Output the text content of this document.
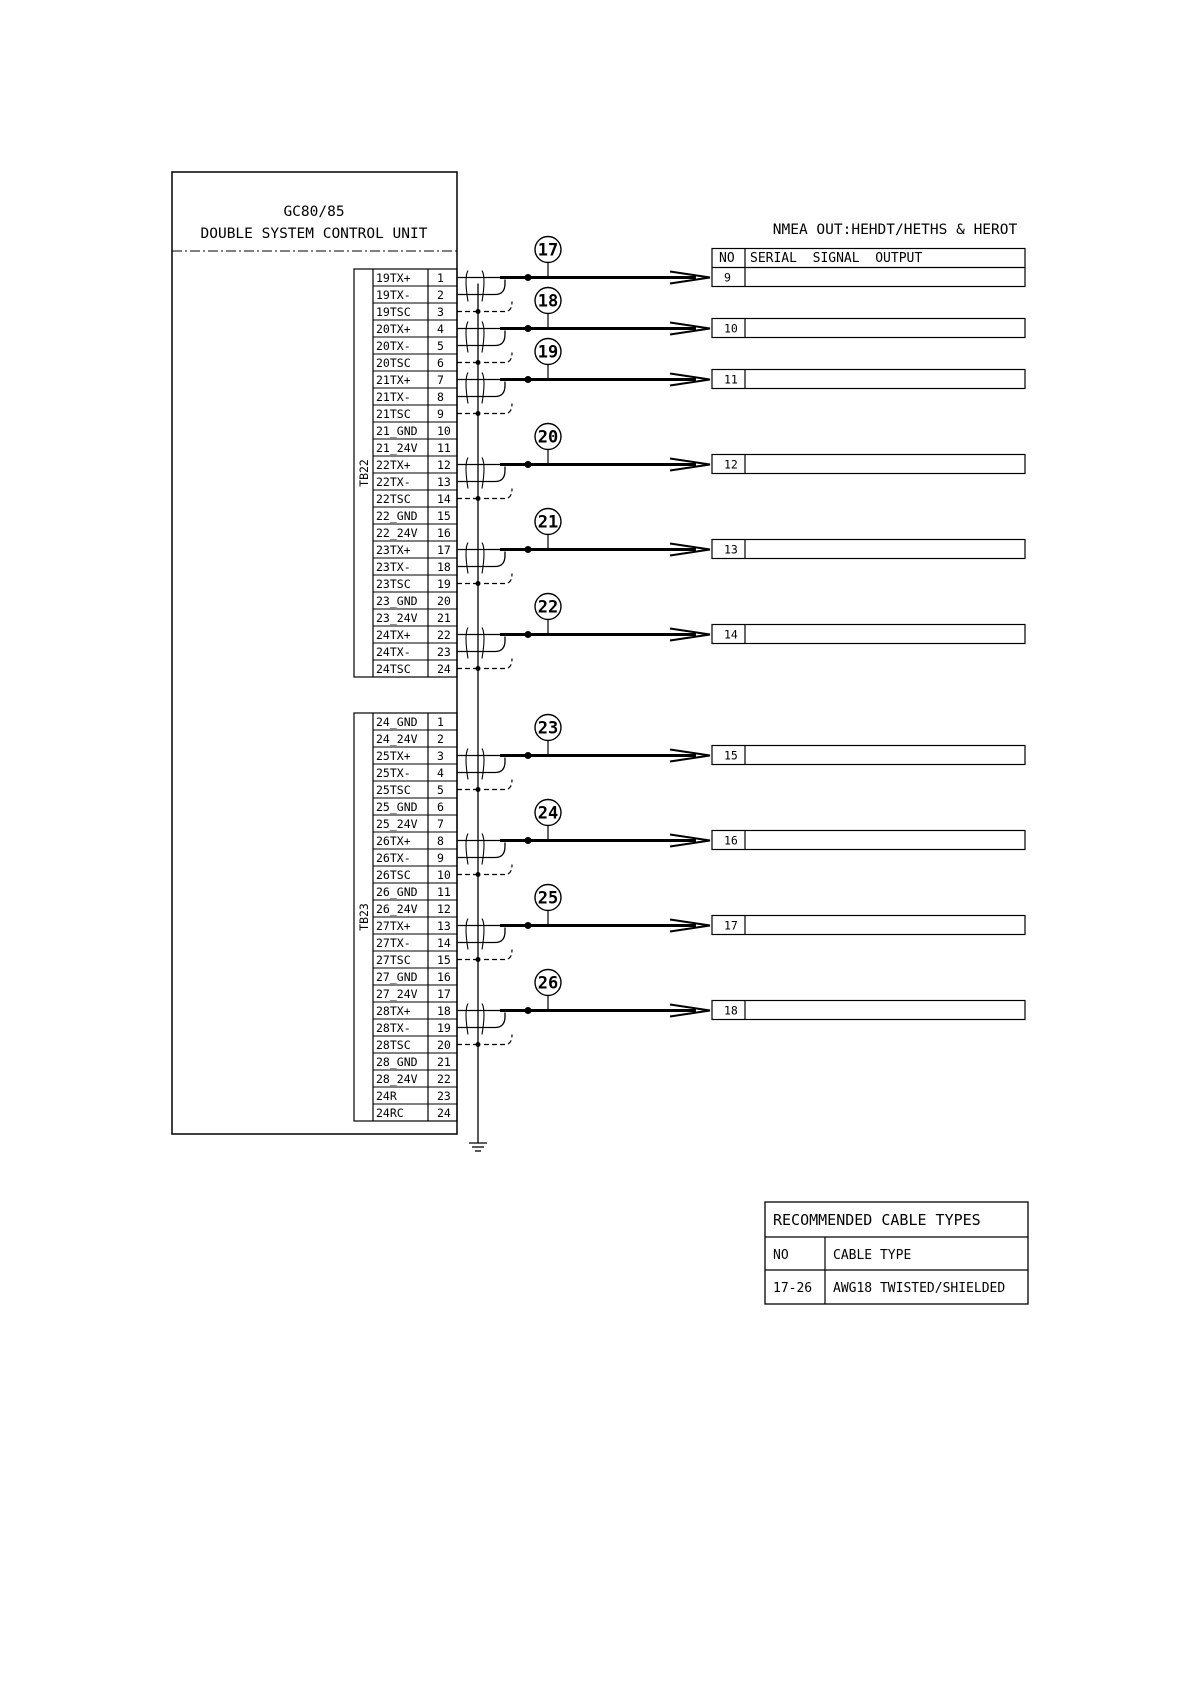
GC80/85
DOUBLE SYSTEM CONTROL UNIT	NMEA OUT:HEHDT/HETHS & HEROT
NO SERIAL  SIGNAL  OUTPUT
RECOMMENDED CABLE TYPES
NO	CABLE TYPE
17-26 AWG18 TWISTED/SHIELDED
TB22
19TX+ 1
19TX- 2
19TSC 3
20TX+ 4
20TX- 5
20TSC 6
21TX+ 7
21TX- 8
21TSC 9
21_GND 10
21_24V 11
22TX+ 12
22TX- 13
22TSC 14
22_GND 15
22_24V 16
23TX+ 17
23TX- 18
23TSC 19
23_GND 20
23_24V 21
24TX+ 22
24TX- 23
24TSC 24
TB23
24_GND 1
24_24V 2
25TX+ 3
25TX- 4
25TSC 5
25_GND 6
25_24V 7
26TX+ 8
26TX- 9
26TSC 10
26_GND 11
26_24V 12
27TX+ 13
27TX- 14
27TSC 15
27_GND 16
27_24V 17
28TX+ 18
28TX- 19
28TSC 20
28_GND 21
28_24V 22
24R	23
24RC	24
17
9
18
10
19
11
20
12
21
13
22
14
23
15
24
16
25
17
26
18
